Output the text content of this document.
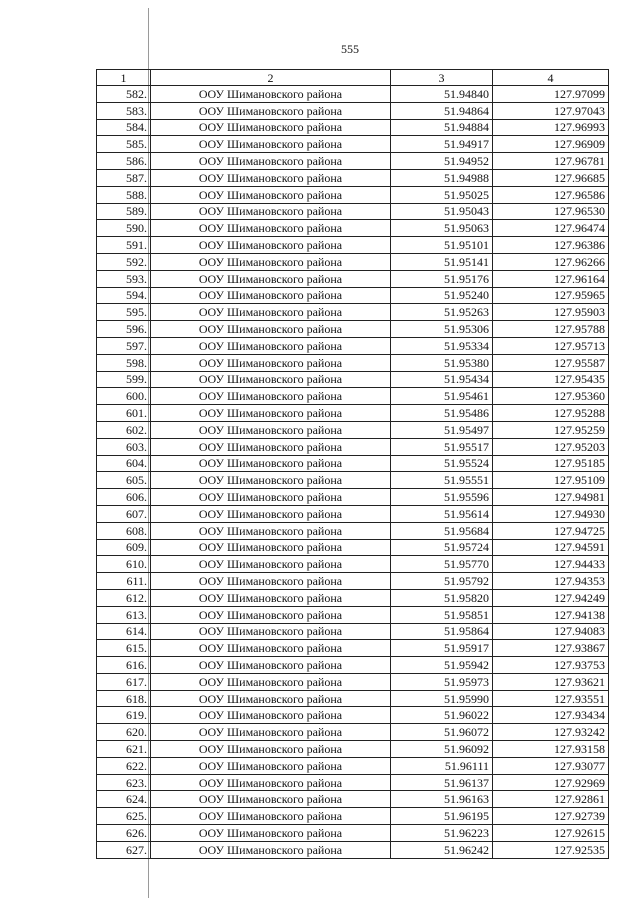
555
1	2	3	4
582.	ООУ Шимановского района	51.94840	127.97099
583.	ООУ Шимановского района	51.94864	127.97043
584.	ООУ Шимановского района	51.94884	127.96993
585.	ООУ Шимановского района	51.94917	127.96909
586.	ООУ Шимановского района	51.94952	127.96781
587.	ООУ Шимановского района	51.94988	127.96685
588.	ООУ Шимановского района	51.95025	127.96586
589.	ООУ Шимановского района	51.95043	127.96530
590.	ООУ Шимановского района	51.95063	127.96474
591.	ООУ Шимановского района	51.95101	127.96386
592.	ООУ Шимановского района	51.95141	127.96266
593.	ООУ Шимановского района	51.95176	127.96164
594.	ООУ Шимановского района	51.95240	127.95965
595.	ООУ Шимановского района	51.95263	127.95903
596.	ООУ Шимановского района	51.95306	127.95788
597.	ООУ Шимановского района	51.95334	127.95713
598.	ООУ Шимановского района	51.95380	127.95587
599.	ООУ Шимановского района	51.95434	127.95435
600.	ООУ Шимановского района	51.95461	127.95360
601.	ООУ Шимановского района	51.95486	127.95288
602.	ООУ Шимановского района	51.95497	127.95259
603.	ООУ Шимановского района	51.95517	127.95203
604.	ООУ Шимановского района	51.95524	127.95185
605.	ООУ Шимановского района	51.95551	127.95109
606.	ООУ Шимановского района	51.95596	127.94981
607.	ООУ Шимановского района	51.95614	127.94930
608.	ООУ Шимановского района	51.95684	127.94725
609.	ООУ Шимановского района	51.95724	127.94591
610.	ООУ Шимановского района	51.95770	127.94433
611.	ООУ Шимановского района	51.95792	127.94353
612.	ООУ Шимановского района	51.95820	127.94249
613.	ООУ Шимановского района	51.95851	127.94138
614.	ООУ Шимановского района	51.95864	127.94083
615.	ООУ Шимановского района	51.95917	127.93867
616.	ООУ Шимановского района	51.95942	127.93753
617.	ООУ Шимановского района	51.95973	127.93621
618.	ООУ Шимановского района	51.95990	127.93551
619.	ООУ Шимановского района	51.96022	127.93434
620.	ООУ Шимановского района	51.96072	127.93242
621.	ООУ Шимановского района	51.96092	127.93158
622.	ООУ Шимановского района	51.96111	127.93077
623.	ООУ Шимановского района	51.96137	127.92969
624.	ООУ Шимановского района	51.96163	127.92861
625.	ООУ Шимановского района	51.96195	127.92739
626.	ООУ Шимановского района	51.96223	127.92615
627.	ООУ Шимановского района	51.96242	127.92535
